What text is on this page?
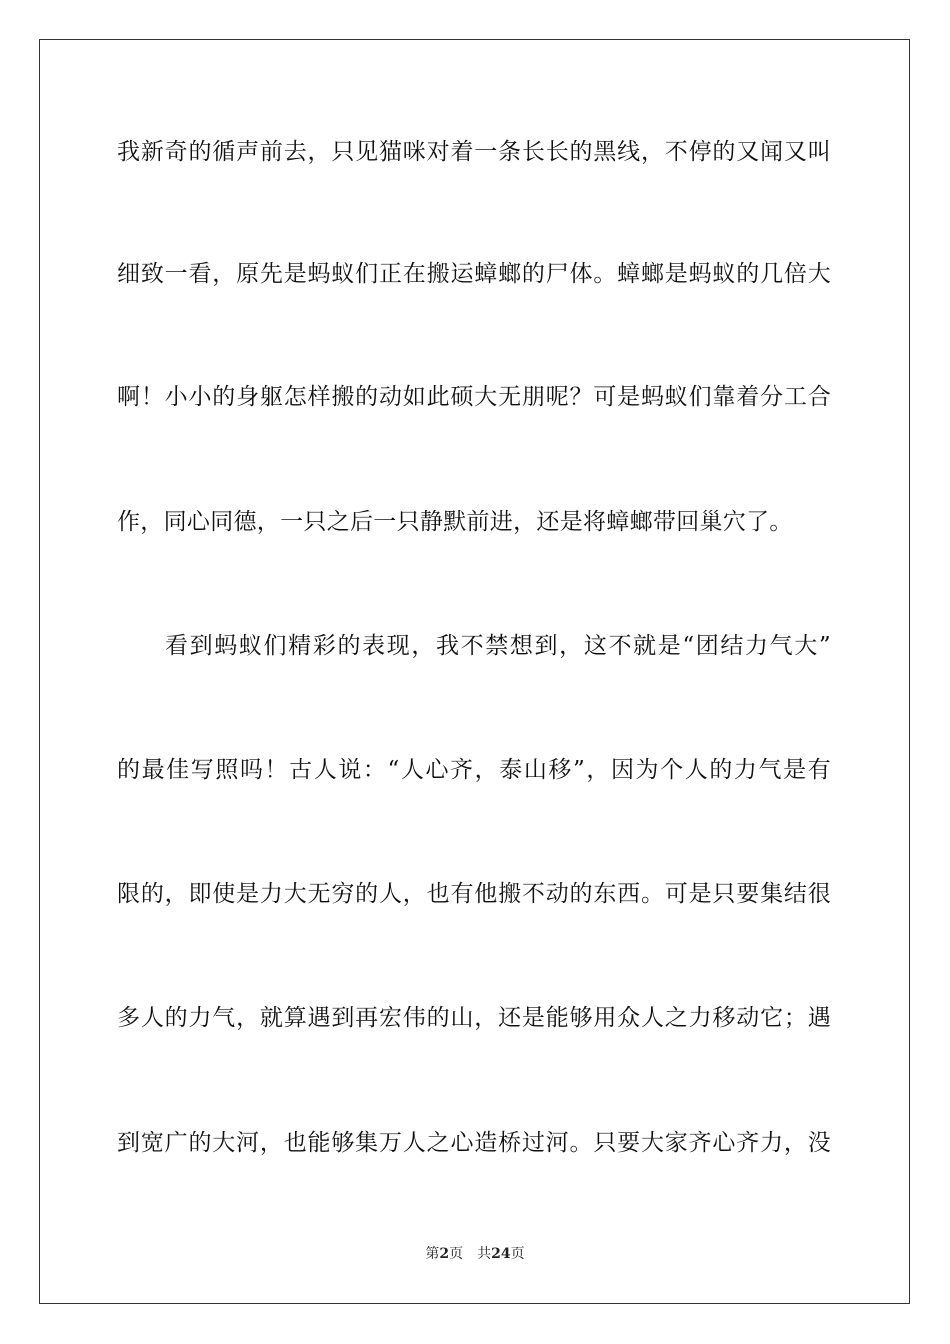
我新奇的循声前去，只见猫咪对着一条长长的黑线，不停的又闻又叫
细致一看，原先是蚂蚁们正在搬运蟑螂的尸体。蟑螂是蚂蚁的几倍大
啊！小小的身躯怎样搬的动如此硕大无朋呢？可是蚂蚁们靠着分工合
作，同心同德，一只之后一只静默前进，还是将蟑螂带回巢穴了。
看到蚂蚁们精彩的表现，我不禁想到，这不就是“团结力气大”
的最佳写照吗！古人说：“人心齐，泰山移”，因为个人的力气是有
限的，即使是力大无穷的人，也有他搬不动的东西。可是只要集结很
多人的力气，就算遇到再宏伟的山，还是能够用众人之力移动它；遇
到宽广的大河，也能够集万人之心造桥过河。只要大家齐心齐力，没
第2页 共24页
